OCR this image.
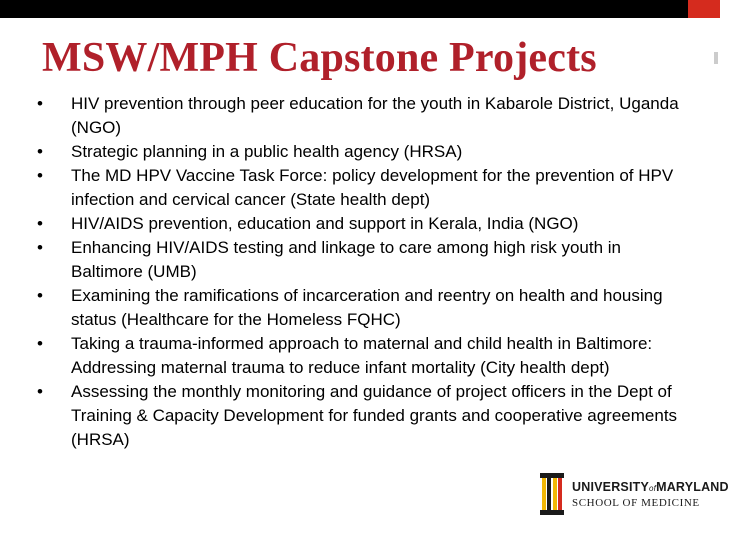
MSW/MPH Capstone Projects
•	HIV prevention through peer education for the youth in Kabarole District, Uganda (NGO)
•	Strategic planning in a public health agency (HRSA)
•	The MD HPV Vaccine Task Force: policy development for the prevention of HPV infection and cervical cancer (State health dept)
•	HIV/AIDS prevention, education and support in Kerala, India (NGO)
•	Enhancing HIV/AIDS testing and linkage to care among high risk youth in Baltimore (UMB)
•	Examining the ramifications of incarceration and reentry on health and housing status (Healthcare for the Homeless FQHC)
•	Taking a trauma-informed approach to maternal and child health in Baltimore: Addressing maternal trauma to reduce infant mortality (City health dept)
•	Assessing the monthly monitoring and guidance of project officers in the Dept of Training & Capacity Development for funded grants and cooperative agreements (HRSA)
UNIVERSITYofMARYLAND
SCHOOL OF MEDICINE
